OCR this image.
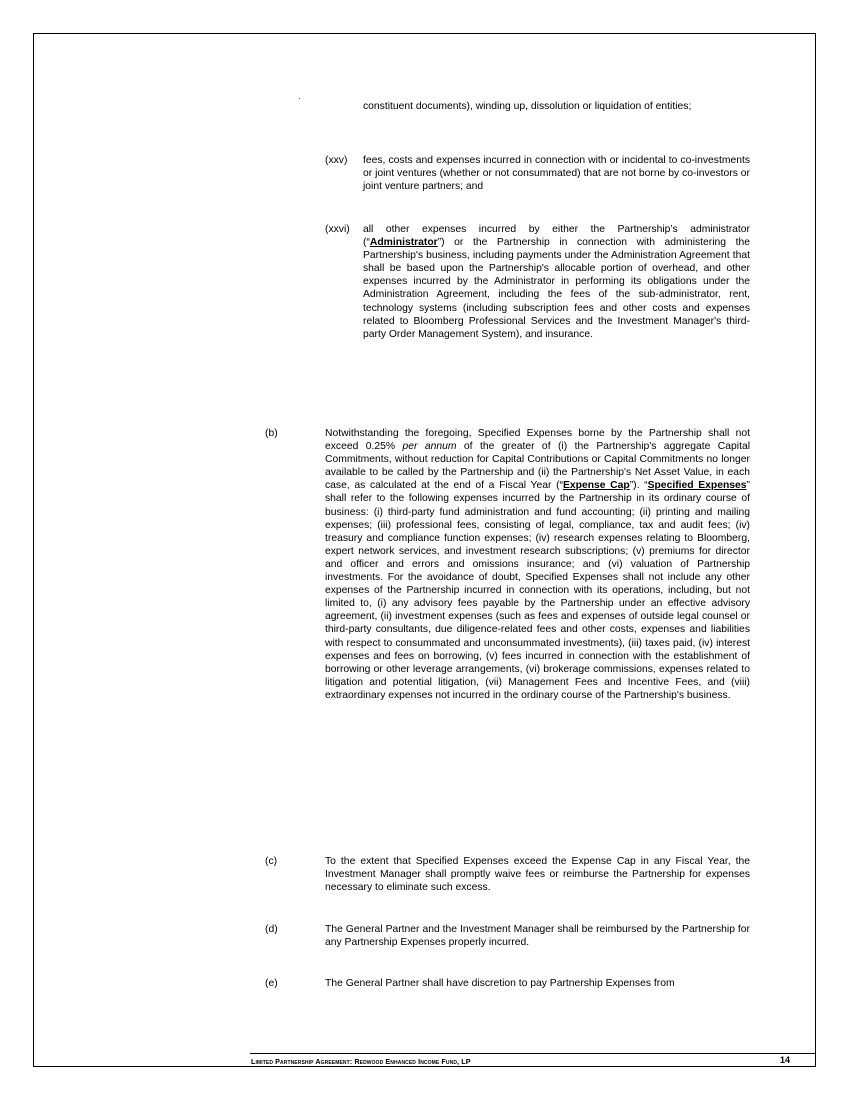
constituent documents), winding up, dissolution or liquidation of entities;
(xxv) fees, costs and expenses incurred in connection with or incidental to co-investments or joint ventures (whether or not consummated) that are not borne by co-investors or joint venture partners; and
(xxvi) all other expenses incurred by either the Partnership’s administrator (“Administrator”) or the Partnership in connection with administering the Partnership's business, including payments under the Administration Agreement that shall be based upon the Partnership's allocable portion of overhead, and other expenses incurred by the Administrator in performing its obligations under the Administration Agreement, including the fees of the sub-administrator, rent, technology systems (including subscription fees and other costs and expenses related to Bloomberg Professional Services and the Investment Manager's third-party Order Management System), and insurance.
(b)	Notwithstanding the foregoing, Specified Expenses borne by the Partnership shall not exceed 0.25% per annum of the greater of (i) the Partnership's aggregate Capital Commitments, without reduction for Capital Contributions or Capital Commitments no longer available to be called by the Partnership and (ii) the Partnership's Net Asset Value, in each case, as calculated at the end of a Fiscal Year (“Expense Cap”). “Specified Expenses” shall refer to the following expenses incurred by the Partnership in its ordinary course of business: (i) third-party fund administration and fund accounting; (ii) printing and mailing expenses; (iii) professional fees, consisting of legal, compliance, tax and audit fees; (iv) treasury and compliance function expenses; (iv) research expenses relating to Bloomberg, expert network services, and investment research subscriptions; (v) premiums for director and officer and errors and omissions insurance; and (vi) valuation of Partnership investments. For the avoidance of doubt, Specified Expenses shall not include any other expenses of the Partnership incurred in connection with its operations, including, but not limited to, (i) any advisory fees payable by the Partnership under an effective advisory agreement, (ii) investment expenses (such as fees and expenses of outside legal counsel or third-party consultants, due diligence-related fees and other costs, expenses and liabilities with respect to consummated and unconsummated investments), (iii) taxes paid, (iv) interest expenses and fees on borrowing, (v) fees incurred in connection with the establishment of borrowing or other leverage arrangements, (vi) brokerage commissions, expenses related to litigation and potential litigation, (vii) Management Fees and Incentive Fees, and (viii) extraordinary expenses not incurred in the ordinary course of the Partnership's business.
(c)	To the extent that Specified Expenses exceed the Expense Cap in any Fiscal Year, the Investment Manager shall promptly waive fees or reimburse the Partnership for expenses necessary to eliminate such excess.
(d)	The General Partner and the Investment Manager shall be reimbursed by the Partnership for any Partnership Expenses properly incurred.
(e)	The General Partner shall have discretion to pay Partnership Expenses from
Limited Partnership Agreement: Redwood Enhanced Income Fund, LP	14
